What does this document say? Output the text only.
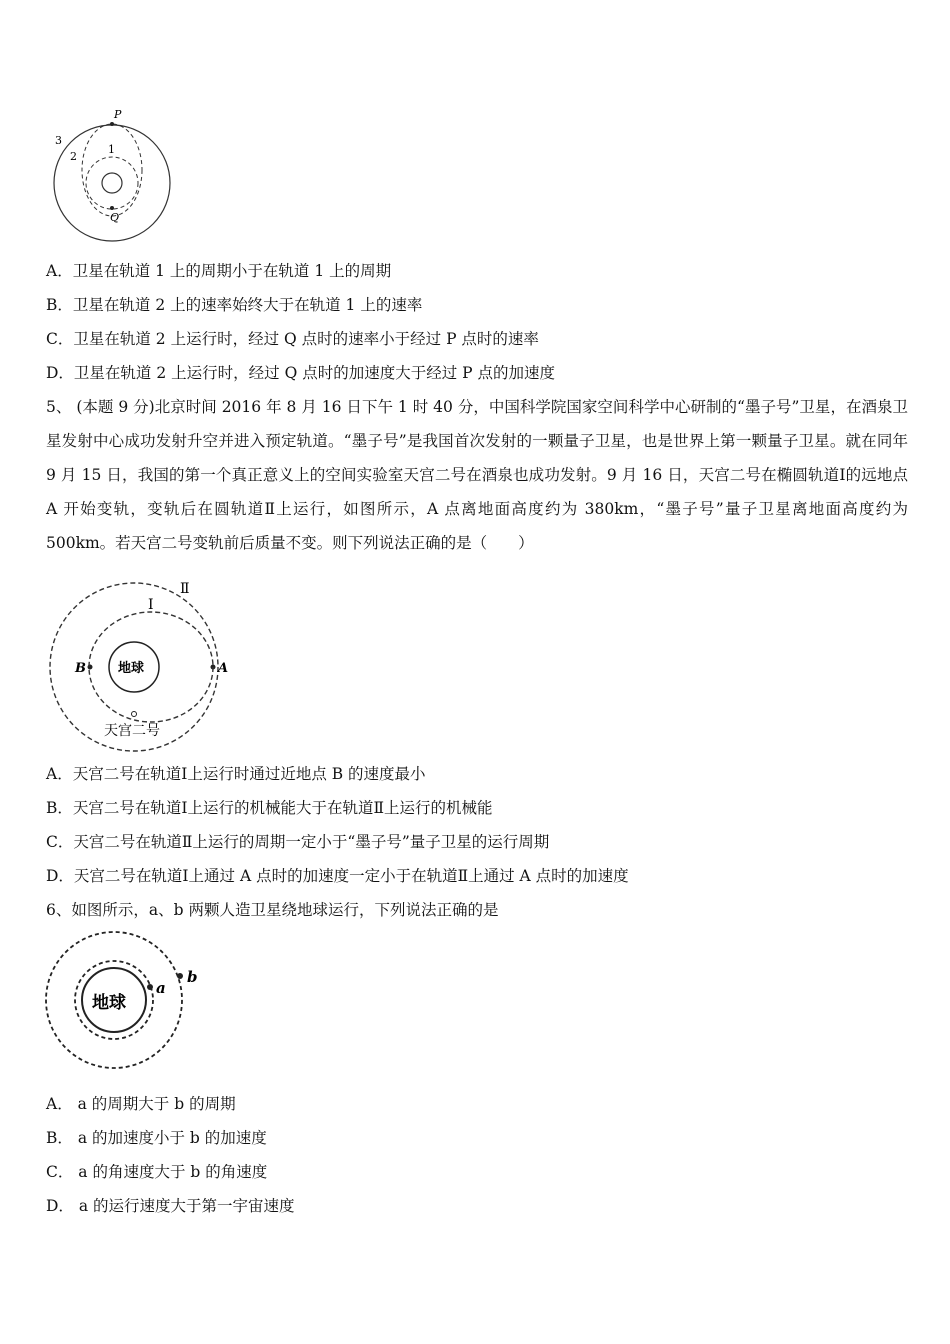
P
Q
1
2
3
A．卫星在轨道 1 上的周期小于在轨道 1 上的周期
B．卫星在轨道 2 上的速率始终大于在轨道 1 上的速率
C．卫星在轨道 2 上运行时，经过 Q 点时的速率小于经过 P 点时的速率
D．卫星在轨道 2 上运行时，经过 Q 点时的加速度大于经过 P 点的加速度
5、 (本题 9 分)北京时间 2016 年 8 月 16 日下午 1 时 40 分，中国科学院国家空间科学中心研制的“墨子号”卫星，在酒泉卫星发射中心成功发射升空并进入预定轨道。“墨子号”是我国首次发射的一颗量子卫星，也是世界上第一颗量子卫星。就在同年 9 月 15 日，我国的第一个真正意义上的空间实验室天宫二号在酒泉也成功发射。9 月 16 日，天宫二号在椭圆轨道Ⅰ的远地点 A 开始变轨，变轨后在圆轨道Ⅱ上运行，如图所示，A 点离地面高度约为 380km，“墨子号”量子卫星离地面高度约为 500km。若天宫二号变轨前后质量不变。则下列说法正确的是（　　）
地球	A
B
Ⅰ
Ⅱ
天宫二号
A．天宫二号在轨道Ⅰ上运行时通过近地点 B 的速度最小
B．天宫二号在轨道Ⅰ上运行的机械能大于在轨道Ⅱ上运行的机械能
C．天宫二号在轨道Ⅱ上运行的周期一定小于“墨子号”量子卫星的运行周期
D．天宫二号在轨道Ⅰ上通过 A 点时的加速度一定小于在轨道Ⅱ上通过 A 点时的加速度
6、如图所示，a、b 两颗人造卫星绕地球运行，下列说法正确的是
地球
a
b
A． a 的周期大于 b 的周期
B． a 的加速度小于 b 的加速度
C． a 的角速度大于 b 的角速度
D． a 的运行速度大于第一宇宙速度
